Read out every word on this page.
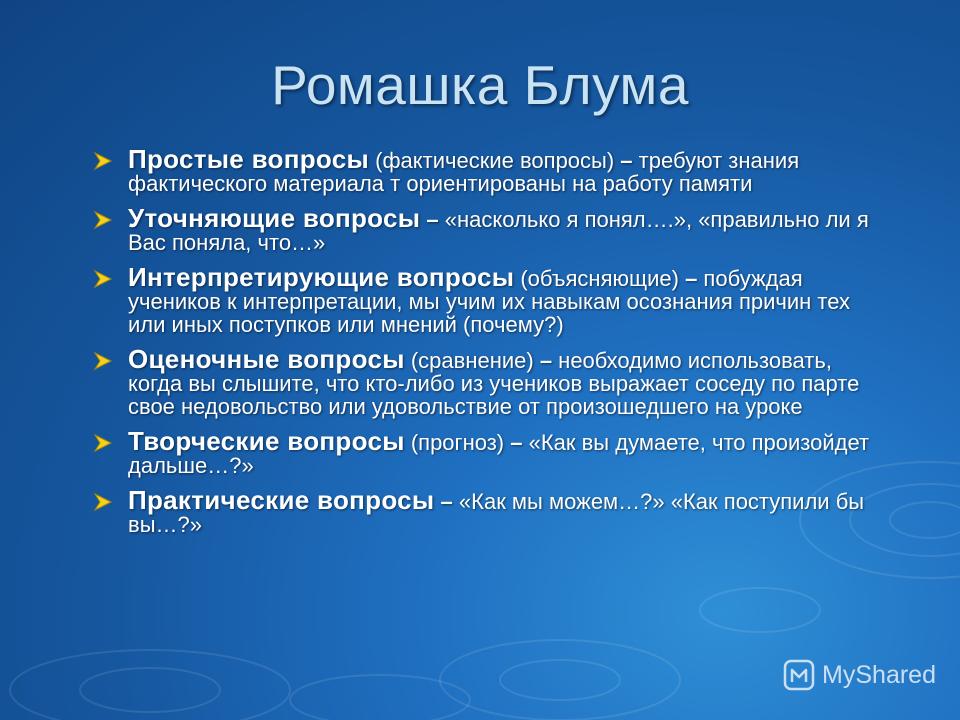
Ромашка Блума
Простые вопросы (фактические вопросы) – требуют знания фактического материала т ориентированы на работу памяти
Уточняющие вопросы – «насколько я понял….», «правильно ли я Вас поняла, что…»
Интерпретирующие вопросы (объясняющие) – побуждая учеников к интерпретации, мы учим их навыкам осознания причин тех или иных поступков или мнений (почему?)
Оценочные вопросы (сравнение) – необходимо использовать, когда вы слышите, что кто-либо из учеников выражает соседу по парте свое недовольство или удовольствие от произошедшего на уроке
Творческие вопросы (прогноз) – «Как вы думаете, что произойдет дальше…?»
Практические вопросы – «Как мы можем…?» «Как поступили бы вы…?»
MyShared
